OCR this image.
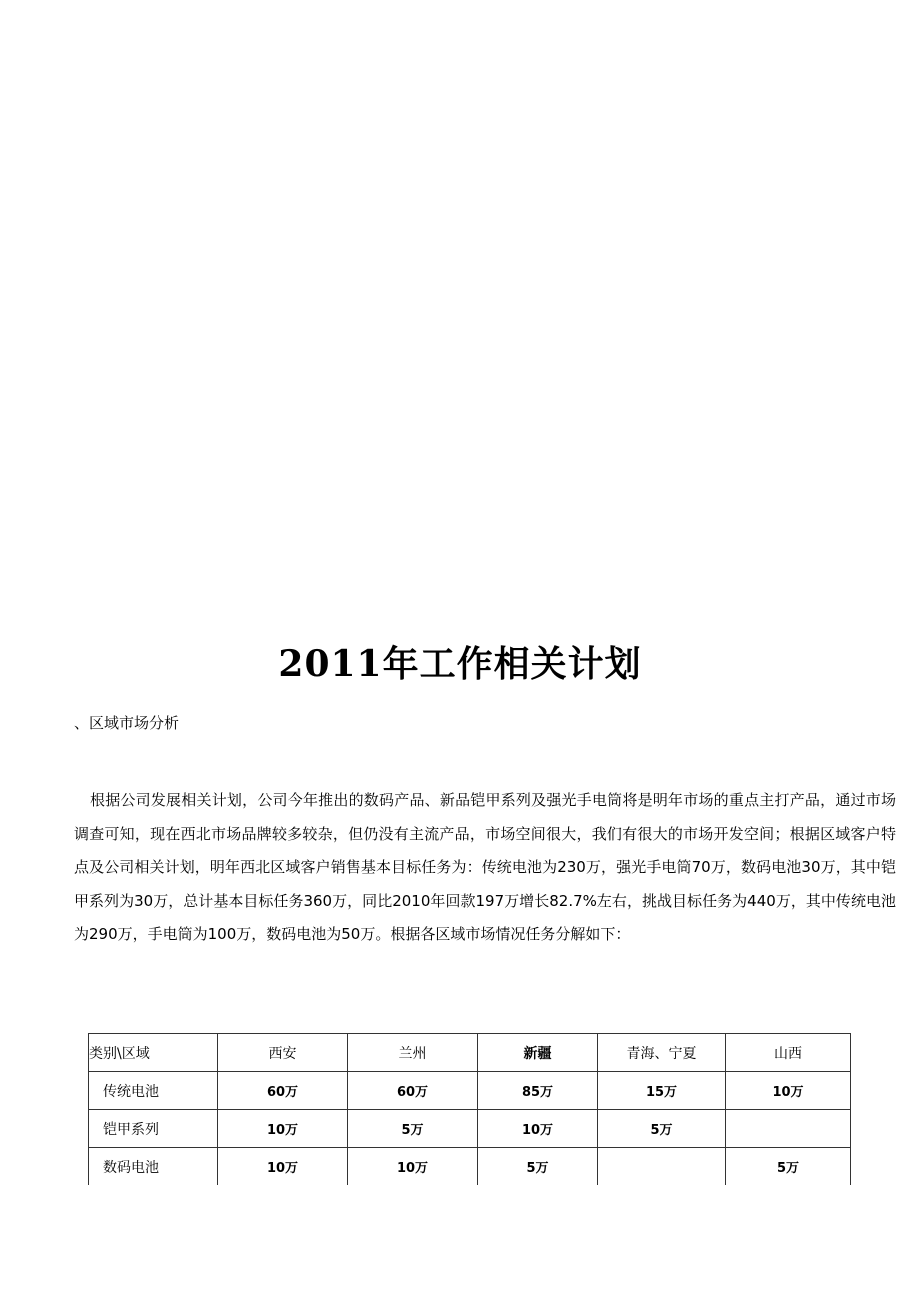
2011年工作相关计划
、区域市场分析
根据公司发展相关计划，公司今年推出的数码产品、新品铠甲系列及强光手电筒将是明年市场的重点主打产品，通过市场调查可知，现在西北市场品牌较多较杂，但仍没有主流产品，市场空间很大，我们有很大的市场开发空间；根据区域客户特点及公司相关计划，明年西北区域客户销售基本目标任务为：传统电池为230万，强光手电筒70万，数码电池30万，其中铠甲系列为30万，总计基本目标任务360万，同比2010年回款197万增长82.7%左右，挑战目标任务为440万，其中传统电池为290万，手电筒为100万，数码电池为50万。根据各区域市场情况任务分解如下：
类别\区域	西安	兰州	新疆	青海、宁夏	山西
传统电池	60万	60万	85万	15万	10万
铠甲系列	10万	5万	10万	5万	
数码电池	10万	10万	5万		5万
